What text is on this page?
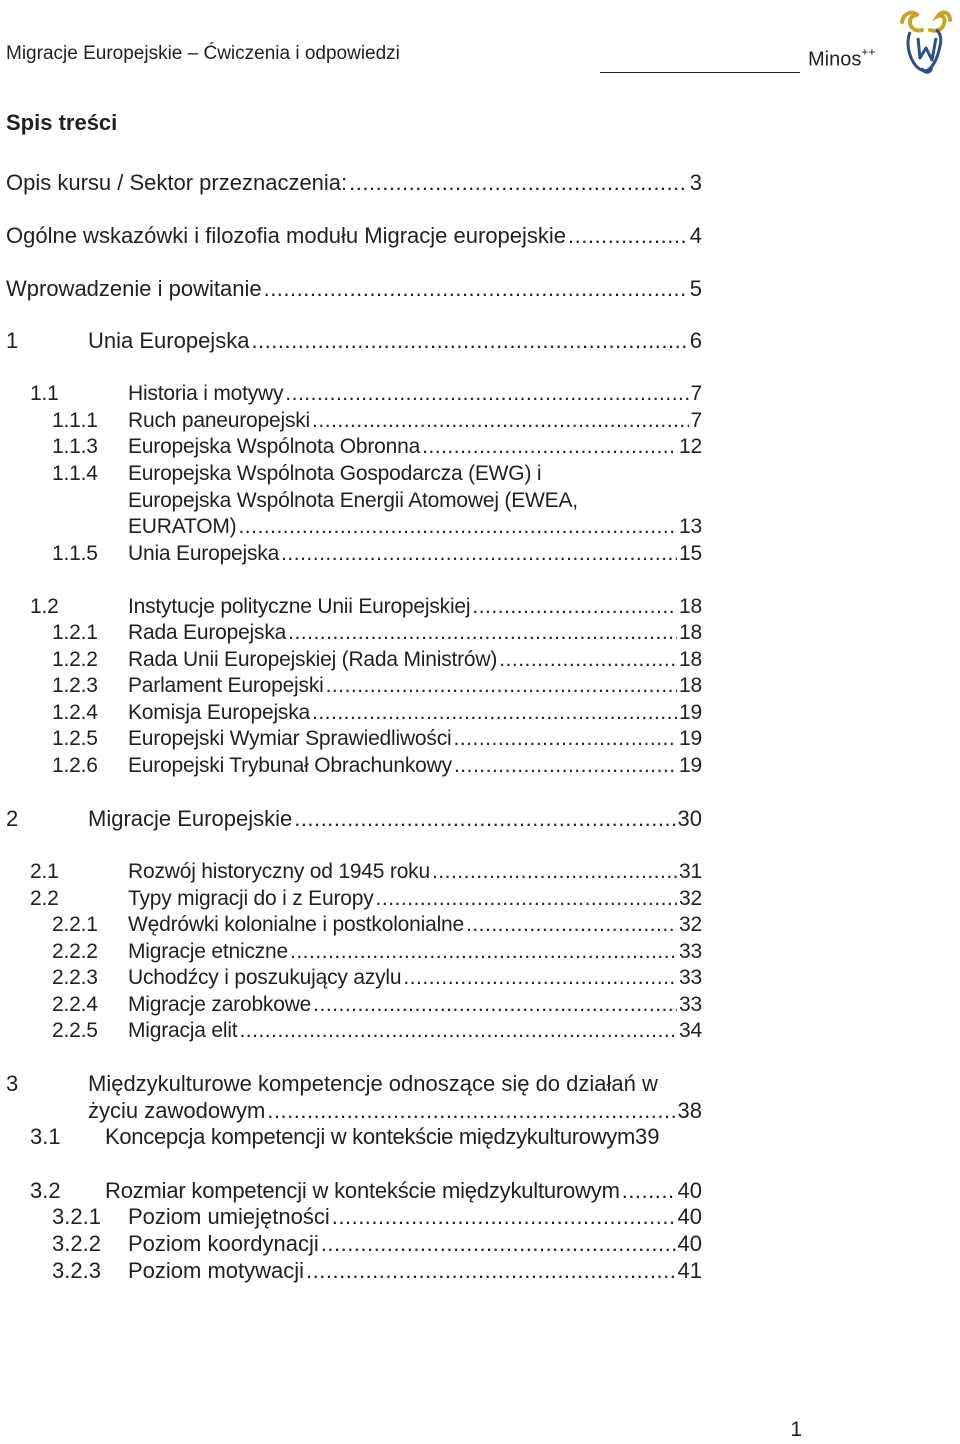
Migracje Europejskie – Ćwiczenia i odpowiedzi	Minos++
Spis treści
Opis kursu / Sektor przeznaczenia: .....	3
Ogólne wskazówki i filozofia modułu Migracje europejskie .....	4
Wprowadzenie i powitanie .....	5
1	Unia Europejska .....	6
1.1	Historia i motywy .....	7
1.1.1 Ruch paneuropejski .....	7
1.1.3 Europejska Wspólnota Obronna .....	12
1.1.4 Europejska Wspólnota Gospodarcza (EWG) i
Europejska Wspólnota Energii Atomowej (EWEA,
EURATOM) .....	13
1.1.5 Unia Europejska .....	15
1.2	Instytucje polityczne Unii Europejskiej .....	18
1.2.1 Rada Europejska .....	18
1.2.2 Rada Unii Europejskiej (Rada Ministrów) .....	18
1.2.3 Parlament Europejski .....	18
1.2.4 Komisja Europejska .....	19
1.2.5 Europejski Wymiar Sprawiedliwości .....	19
1.2.6 Europejski Trybunał Obrachunkowy .....	19
2	Migracje Europejskie .....	30
2.1	Rozwój historyczny od 1945 roku .....	31
2.2	Typy migracji do i z Europy .....	32
2.2.1 Wędrówki kolonialne i postkolonialne .....	32
2.2.2 Migracje etniczne .....	33
2.2.3 Uchodźcy i poszukujący azylu .....	33
2.2.4 Migracje zarobkowe .....	33
2.2.5 Migracja elit .....	34
3	Międzykulturowe kompetencje odnoszące się do działań w
życiu zawodowym .....	38
3.1 Koncepcja kompetencji w kontekście międzykulturowym 39
3.2 Rozmiar kompetencji w kontekście międzykulturowym .....	40
3.2.1 Poziom umiejętności .....	40
3.2.2 Poziom koordynacji .....	40
3.2.3 Poziom motywacji .....	41
1
